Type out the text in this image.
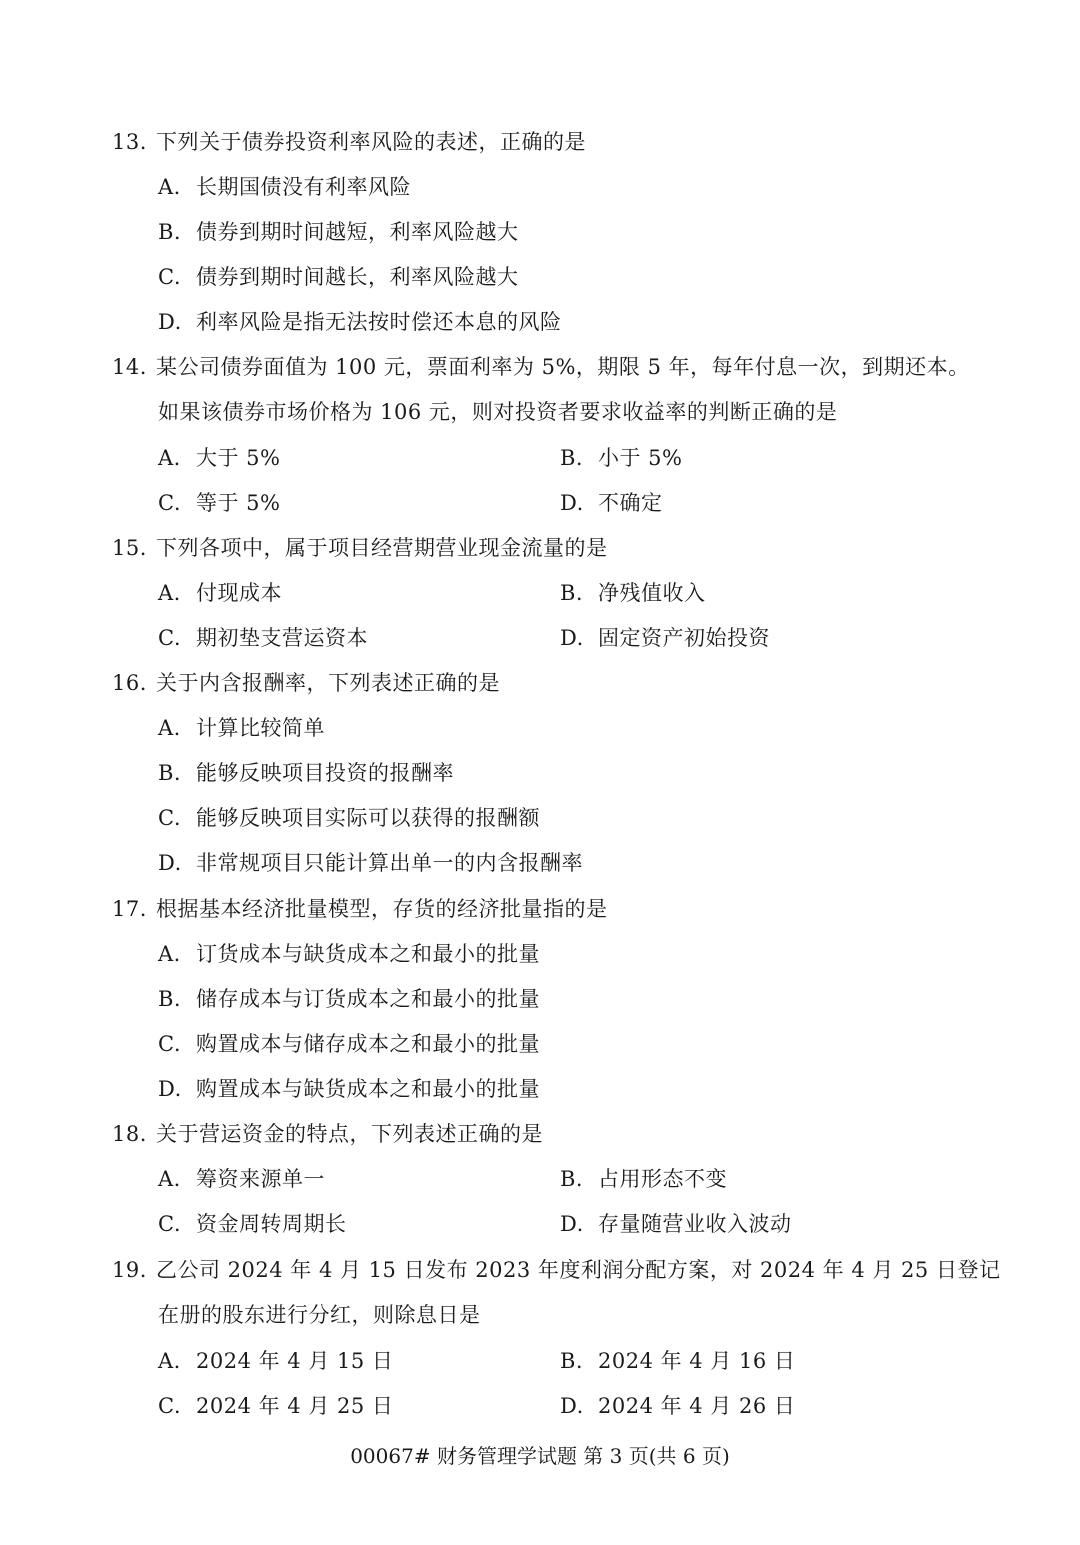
13. 下列关于债券投资利率风险的表述，正确的是
A. 长期国债没有利率风险
B. 债券到期时间越短，利率风险越大
C. 债券到期时间越长，利率风险越大
D. 利率风险是指无法按时偿还本息的风险
14. 某公司债券面值为 100 元，票面利率为 5%，期限 5 年，每年付息一次，到期还本。
如果该债券市场价格为 106 元，则对投资者要求收益率的判断正确的是
A. 大于 5%	B. 小于 5%
C. 等于 5%	D. 不确定
15. 下列各项中，属于项目经营期营业现金流量的是
A. 付现成本	B. 净残值收入
C. 期初垫支营运资本	D. 固定资产初始投资
16. 关于内含报酬率，下列表述正确的是
A. 计算比较简单
B. 能够反映项目投资的报酬率
C. 能够反映项目实际可以获得的报酬额
D. 非常规项目只能计算出单一的内含报酬率
17. 根据基本经济批量模型，存货的经济批量指的是
A. 订货成本与缺货成本之和最小的批量
B. 储存成本与订货成本之和最小的批量
C. 购置成本与储存成本之和最小的批量
D. 购置成本与缺货成本之和最小的批量
18. 关于营运资金的特点，下列表述正确的是
A. 筹资来源单一	B. 占用形态不变
C. 资金周转周期长	D. 存量随营业收入波动
19. 乙公司 2024 年 4 月 15 日发布 2023 年度利润分配方案，对 2024 年 4 月 25 日登记
在册的股东进行分红，则除息日是
A. 2024 年 4 月 15 日	B. 2024 年 4 月 16 日
C. 2024 年 4 月 25 日	D. 2024 年 4 月 26 日
00067# 财务管理学试题 第 3 页(共 6 页)
